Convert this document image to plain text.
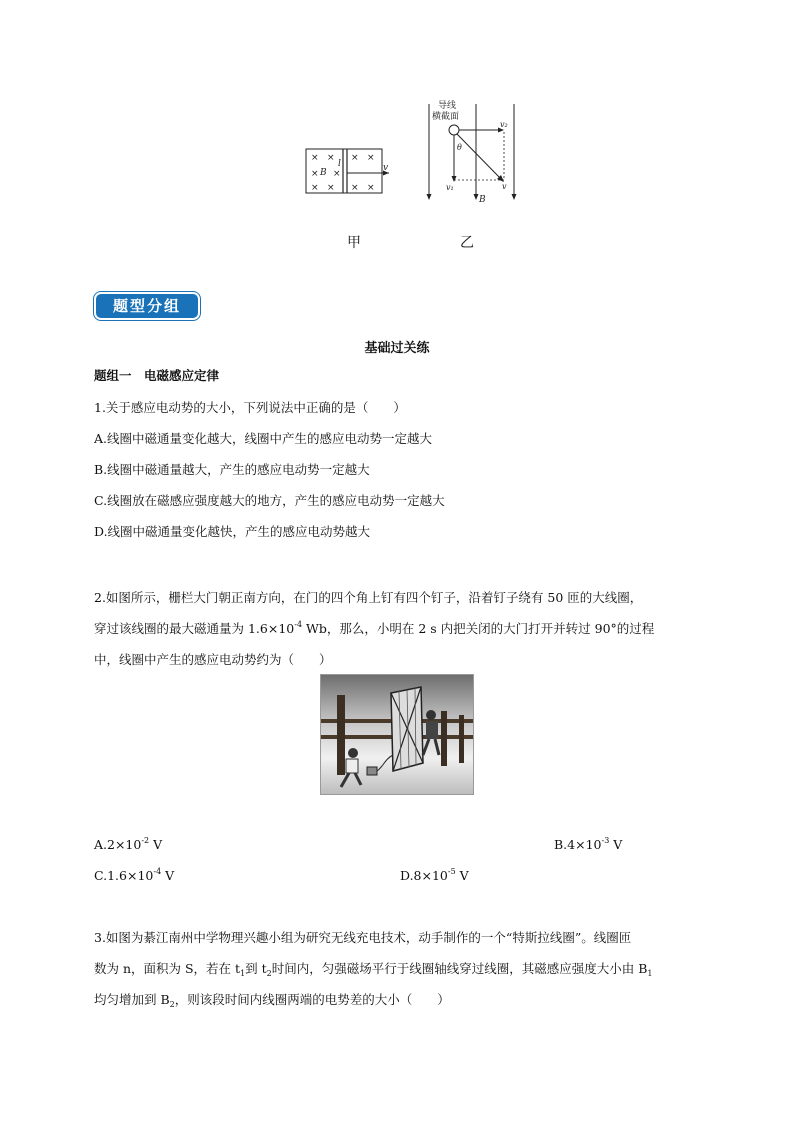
× ×
× ×
× ×
× ×
× ×
B
l	v
导线
横截面
v₂
v₁	v
θ
B
甲	乙
题型分组
基础过关练
题组一　电磁感应定律
1.关于感应电动势的大小，下列说法中正确的是（　　）
A.线圈中磁通量变化越大，线圈中产生的感应电动势一定越大
B.线圈中磁通量越大，产生的感应电动势一定越大
C.线圈放在磁感应强度越大的地方，产生的感应电动势一定越大
D.线圈中磁通量变化越快，产生的感应电动势越大
2.如图所示，栅栏大门朝正南方向，在门的四个角上钉有四个钉子，沿着钉子绕有 50 匝的大线圈，
穿过该线圈的最大磁通量为 $1.6\times 10^{-4}$ Wb，那么，小明在 2 s 内把关闭的大门打开并转过 90°的过程
中，线圈中产生的感应电动势约为（　　）
$A.2\times 10^{-2}$ V	$B.4\times 10^{-3}$ V
$C.1.6\times 10^{-4}$ V	$D.8\times 10^{-5}$ V
3.如图为綦江南州中学物理兴趣小组为研究无线充电技术，动手制作的一个“特斯拉线圈”。线圈匝
数为 n，面积为 S，若在 $t_1$到 $t_2$时间内，匀强磁场平行于线圈轴线穿过线圈，其磁感应强度大小由 $B_1$
均匀增加到 $B_2$，则该段时间内线圈两端的电势差的大小（　　）
